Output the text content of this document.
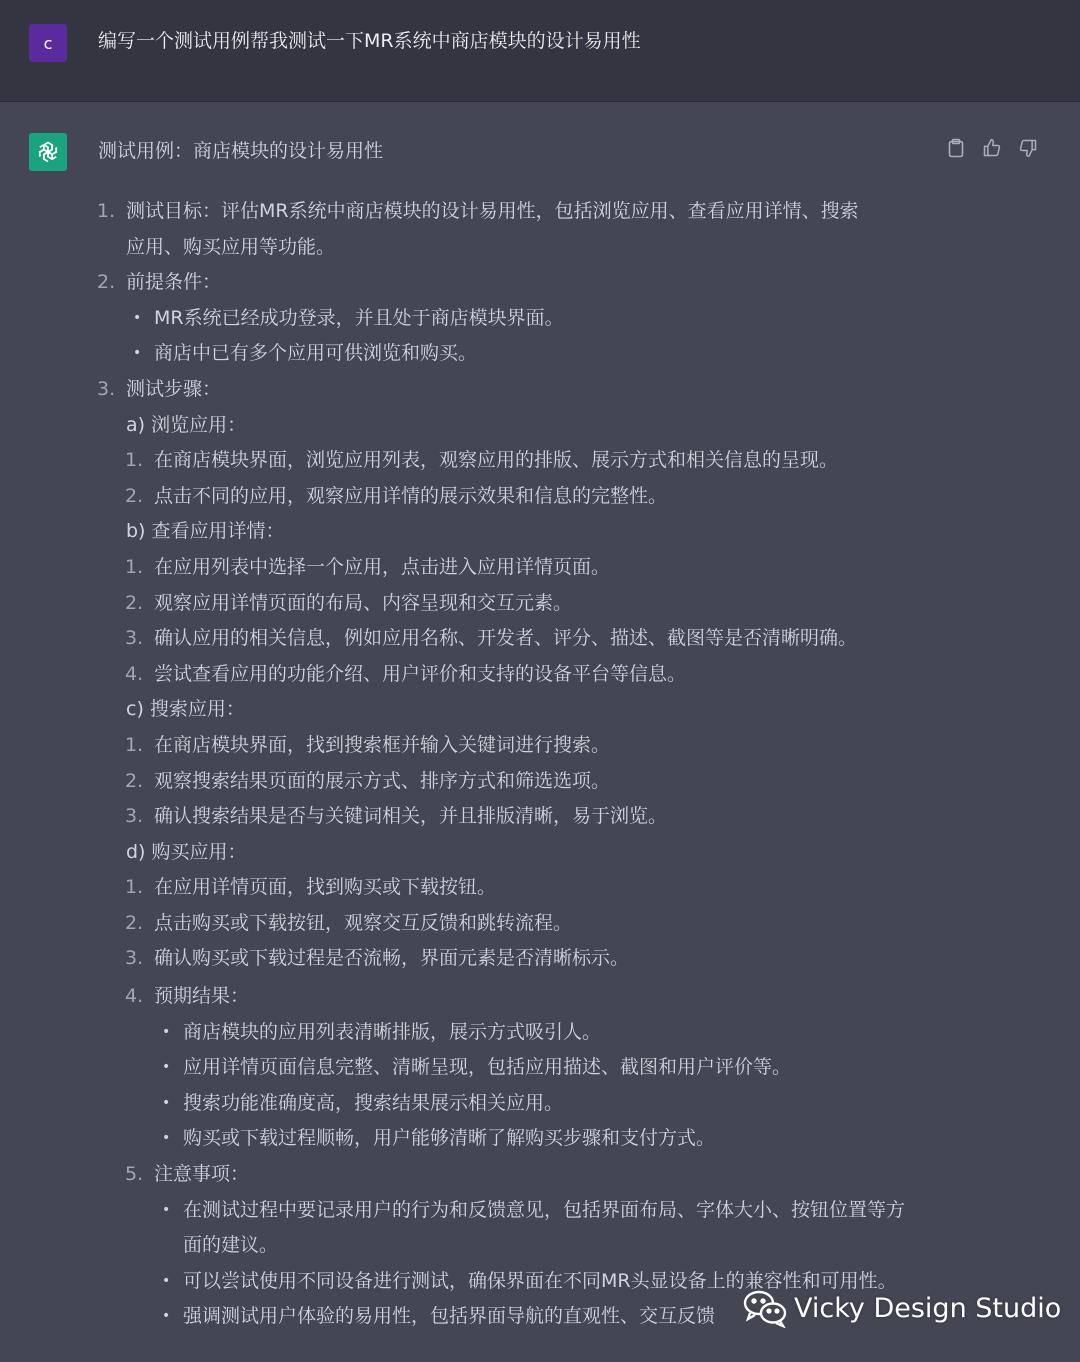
c	编写一个测试用例帮我测试一下MR系统中商店模块的设计易用性
测试用例：商店模块的设计易用性
1. 测试目标：评估MR系统中商店模块的设计易用性，包括浏览应用、查看应用详情、搜索
应用、购买应用等功能。
2. 前提条件：
• MR系统已经成功登录，并且处于商店模块界面。
• 商店中已有多个应用可供浏览和购买。
3. 测试步骤：
a) 浏览应用：
1. 在商店模块界面，浏览应用列表，观察应用的排版、展示方式和相关信息的呈现。
2. 点击不同的应用，观察应用详情的展示效果和信息的完整性。
b) 查看应用详情：
1. 在应用列表中选择一个应用，点击进入应用详情页面。
2. 观察应用详情页面的布局、内容呈现和交互元素。
3. 确认应用的相关信息，例如应用名称、开发者、评分、描述、截图等是否清晰明确。
4. 尝试查看应用的功能介绍、用户评价和支持的设备平台等信息。
c) 搜索应用：
1. 在商店模块界面，找到搜索框并输入关键词进行搜索。
2. 观察搜索结果页面的展示方式、排序方式和筛选选项。
3. 确认搜索结果是否与关键词相关，并且排版清晰，易于浏览。
d) 购买应用：
1. 在应用详情页面，找到购买或下载按钮。
2. 点击购买或下载按钮，观察交互反馈和跳转流程。
3. 确认购买或下载过程是否流畅，界面元素是否清晰标示。
4. 预期结果：
• 商店模块的应用列表清晰排版，展示方式吸引人。
• 应用详情页面信息完整、清晰呈现，包括应用描述、截图和用户评价等。
• 搜索功能准确度高，搜索结果展示相关应用。
• 购买或下载过程顺畅，用户能够清晰了解购买步骤和支付方式。
5. 注意事项：
• 在测试过程中要记录用户的行为和反馈意见，包括界面布局、字体大小、按钮位置等方
面的建议。
• 可以尝试使用不同设备进行测试，确保界面在不同MR头显设备上的兼容性和可用性。
• 强调测试用户体验的易用性，包括界面导航的直观性、交互反馈	Vicky Design Studio
